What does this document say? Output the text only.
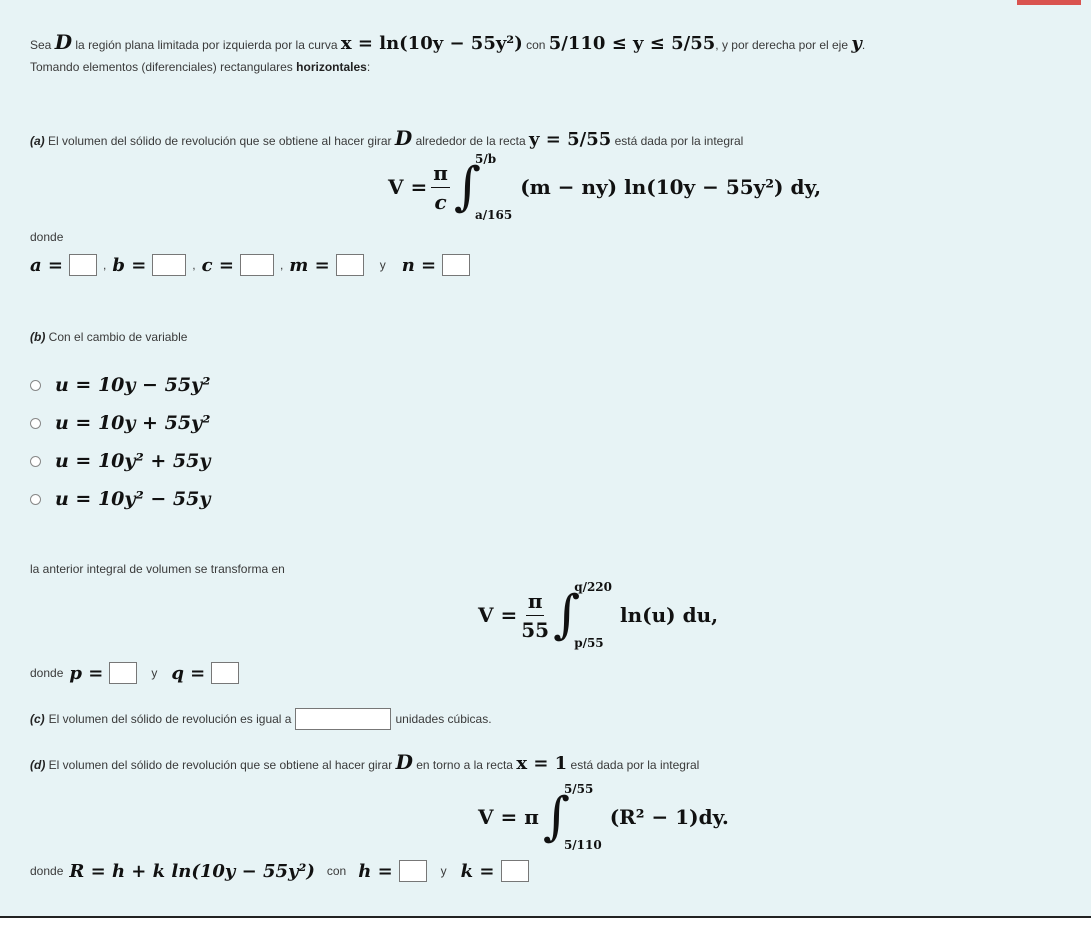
Sea D la región plana limitada por izquierda por la curva x = ln(10y − 55y²) con 5/110 ≤ y ≤ 5/55, y por derecha por el eje y.
Tomando elementos (diferenciales) rectangulares horizontales:
(a) El volumen del sólido de revolución que se obtiene al hacer girar D alrededor de la recta y = 5/55 está dada por la integral
$V = \frac{\pi}{c}$ ∫
5/b
a/165
(m − ny) ln(10y − 55y²) dy,
donde
a =	, b =	, c =	, m =	y n =
(b) Con el cambio de variable
u = 10y − 55y²
u = 10y + 55y²
u = 10y² + 55y
u = 10y² − 55y
la anterior integral de volumen se transforma en
$V = \frac{\pi}{55}$ ∫
q/220
p/55
ln(u) du,
donde p =	y q =
(c) El volumen del sólido de revolución es igual a	unidades cúbicas.
(d) El volumen del sólido de revolución que se obtiene al hacer girar D en torno a la recta x = 1 está dada por la integral
V = π ∫
5/55
5/110
(R² − 1)dy.
donde R = h + k ln(10y − 55y²) con h =	y k =
